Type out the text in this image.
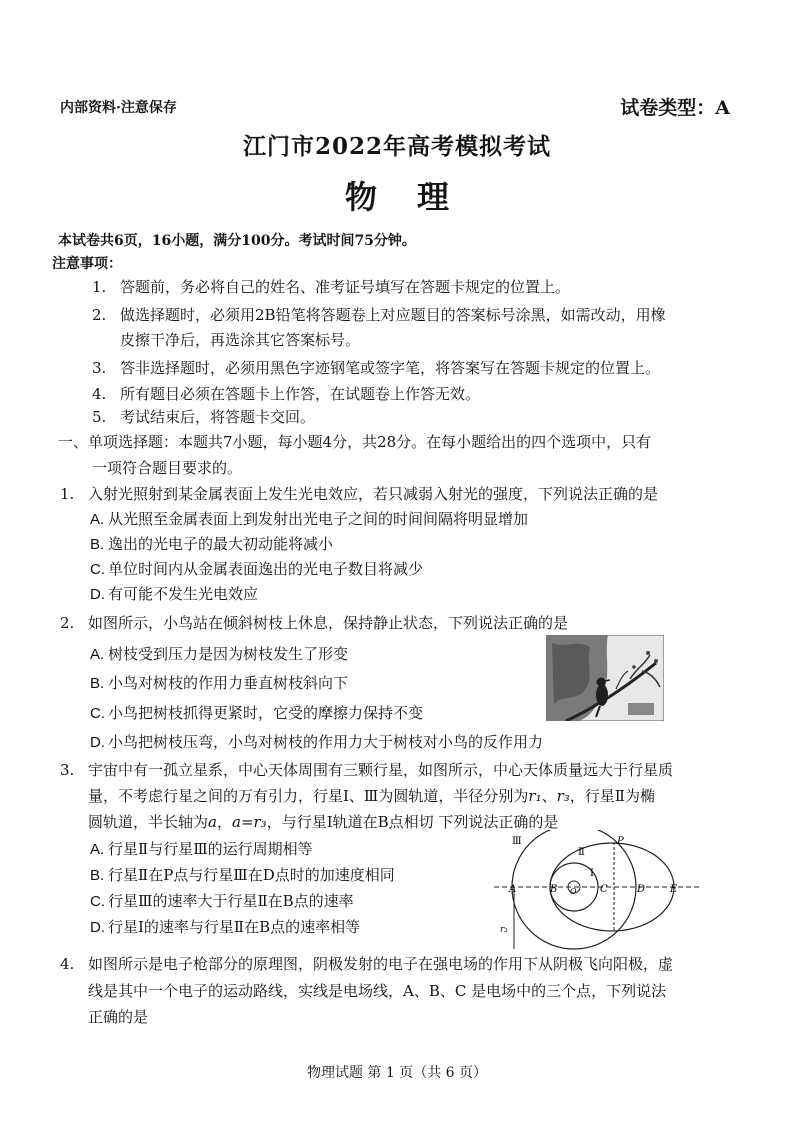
内部资料·注意保存	试卷类型：A
江门市2022年高考模拟考试
物理
本试卷共6页，16小题，满分100分。考试时间75分钟。
注意事项：
1. 答题前，务必将自己的姓名、准考证号填写在答题卡规定的位置上。
2. 做选择题时，必须用2B铅笔将答题卷上对应题目的答案标号涂黑，如需改动，用橡
皮擦干净后，再选涂其它答案标号。
3. 答非选择题时，必须用黑色字迹钢笔或签字笔，将答案写在答题卡规定的位置上。
4. 所有题目必须在答题卡上作答，在试题卷上作答无效。
5. 考试结束后，将答题卡交回。
一、单项选择题：本题共7小题，每小题4分，共28分。在每小题给出的四个选项中，只有
一项符合题目要求的。
1. 入射光照射到某金属表面上发生光电效应，若只减弱入射光的强度，下列说法正确的是
A. 从光照至金属表面上到发射出光电子之间的时间间隔将明显增加
B. 逸出的光电子的最大初动能将减小
C. 单位时间内从金属表面逸出的光电子数目将减少
D. 有可能不发生光电效应
2. 如图所示，小鸟站在倾斜树枝上休息，保持静止状态，下列说法正确的是
A. 树枝受到压力是因为树枝发生了形变
B. 小鸟对树枝的作用力垂直树枝斜向下
C. 小鸟把树枝抓得更紧时，它受的摩擦力保持不变
D. 小鸟把树枝压弯，小鸟对树枝的作用力大于树枝对小鸟的反作用力
3. 宇宙中有一孤立星系，中心天体周围有三颗行星，如图所示，中心天体质量远大于行星质
量，不考虑行星之间的万有引力，行星Ⅰ、Ⅲ为圆轨道，半径分别为r₁、r₃，行星Ⅱ为椭
圆轨道，半长轴为a，a=r₃，与行星Ⅰ轨道在B点相切 下列说法正确的是
A. 行星Ⅱ与行星Ⅲ的运行周期相等
B. 行星Ⅱ在P点与行星Ⅲ在D点时的加速度相同
C. 行星Ⅲ的速率大于行星Ⅱ在B点的速率
D. 行星Ⅰ的速率与行星Ⅱ在B点的速率相等
Ⅲ
Ⅱ
Ⅰ
P
A	B O C	D E
r₃
4. 如图所示是电子枪部分的原理图，阴极发射的电子在强电场的作用下从阴极飞向阳极，虚
线是其中一个电子的运动路线，实线是电场线，A、B、C 是电场中的三个点，下列说法
正确的是
物理试题 第 1 页（共 6 页）
